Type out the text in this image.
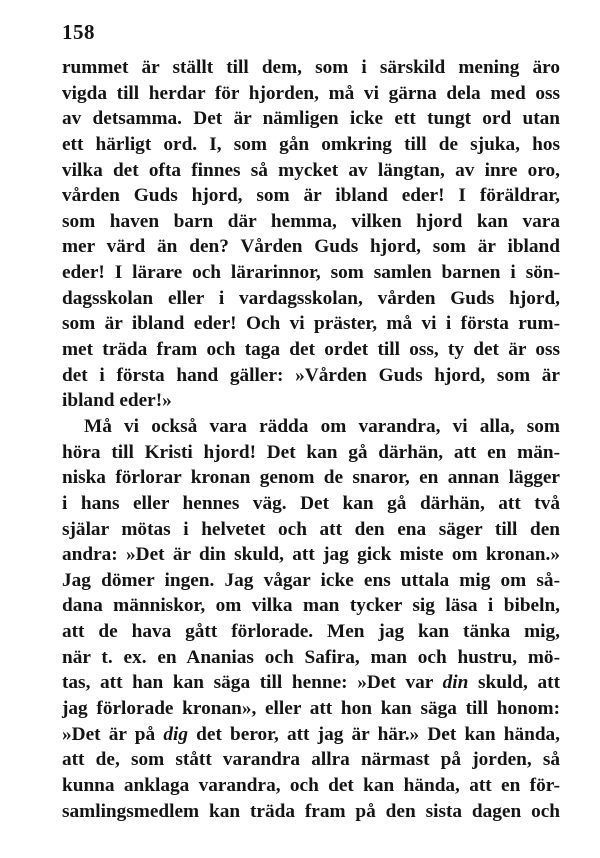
158
rummet är ställt till dem, som i särskild mening äro
vigda till herdar för hjorden, må vi gärna dela med oss
av detsamma. Det är nämligen icke ett tungt ord utan
ett härligt ord. I, som gån omkring till de sjuka, hos
vilka det ofta finnes så mycket av längtan, av inre oro,
vården Guds hjord, som är ibland eder! I föräldrar,
som haven barn där hemma, vilken hjord kan vara
mer värd än den? Vården Guds hjord, som är ibland
eder! I lärare och lärarinnor, som samlen barnen i sön-
dagsskolan eller i vardagsskolan, vården Guds hjord,
som är ibland eder! Och vi präster, må vi i första rum-
met träda fram och taga det ordet till oss, ty det är oss
det i första hand gäller: »Vården Guds hjord, som är
ibland eder!»
Må vi också vara rädda om varandra, vi alla, som
höra till Kristi hjord! Det kan gå därhän, att en män-
niska förlorar kronan genom de snaror, en annan lägger
i hans eller hennes väg. Det kan gå därhän, att två
själar mötas i helvetet och att den ena säger till den
andra: »Det är din skuld, att jag gick miste om kronan.»
Jag dömer ingen. Jag vågar icke ens uttala mig om så-
dana människor, om vilka man tycker sig läsa i bibeln,
att de hava gått förlorade. Men jag kan tänka mig,
när t. ex. en Ananias och Safira, man och hustru, mö-
tas, att han kan säga till henne: »Det var din skuld, att
jag förlorade kronan», eller att hon kan säga till honom:
»Det är på dig det beror, att jag är här.» Det kan hända,
att de, som stått varandra allra närmast på jorden, så
kunna anklaga varandra, och det kan hända, att en för-
samlingsmedlem kan träda fram på den sista dagen och
